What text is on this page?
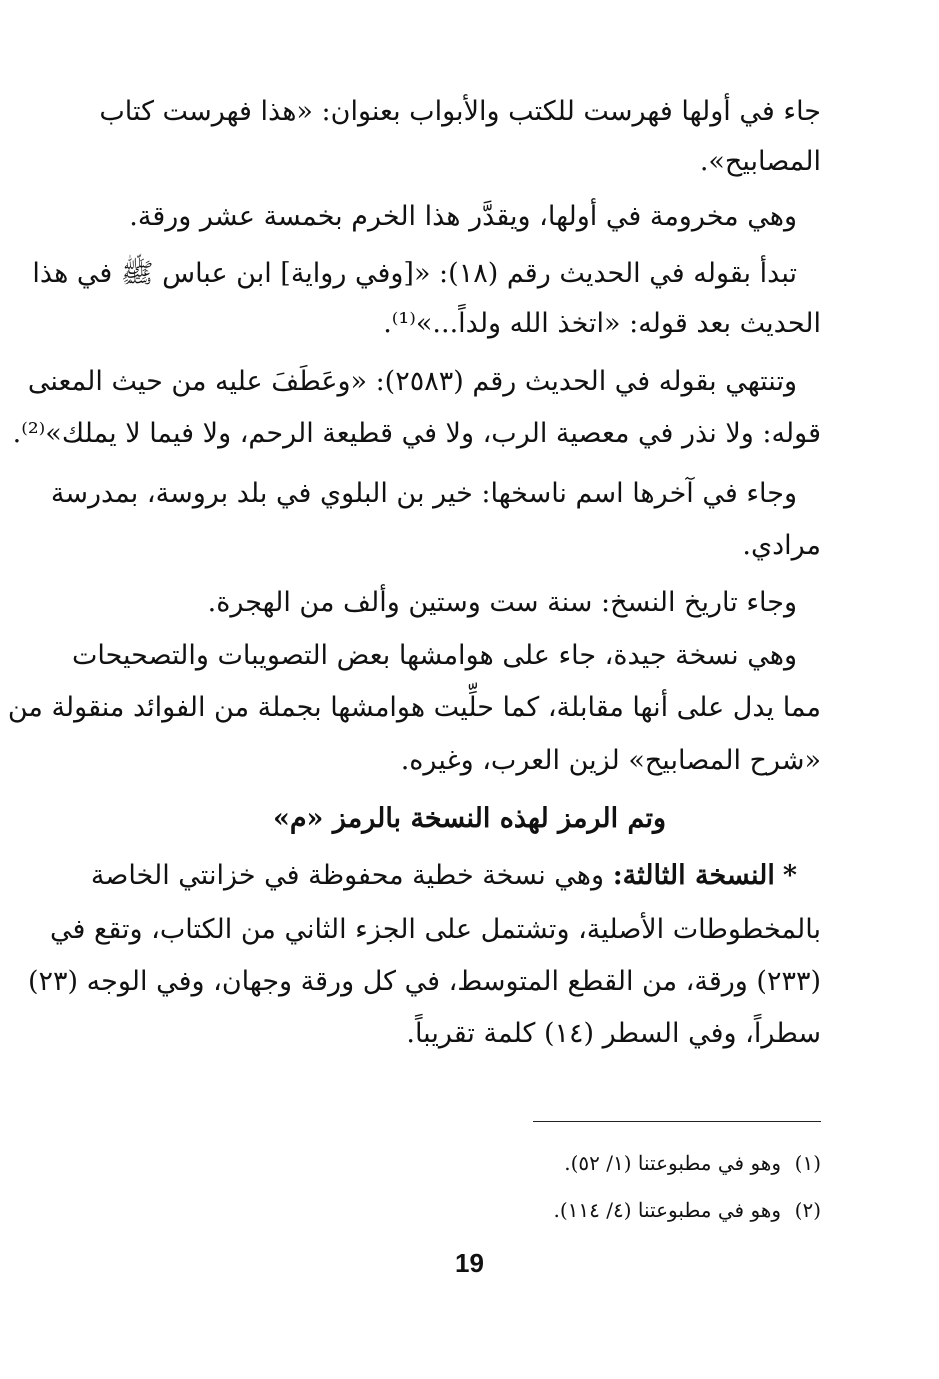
جاء في أولها فهرست للكتب والأبواب بعنوان: «هذا فهرست كتاب
المصابيح».
وهي مخرومة في أولها، ويقدَّر هذا الخرم بخمسة عشر ورقة.
تبدأ بقوله في الحديث رقم (١٨): «[وفي رواية] ابن عباس ﷺ في هذا
الحديث بعد قوله: «اتخذ الله ولداً...»⁽¹⁾.
وتنتهي بقوله في الحديث رقم (٢٥٨٣): «وعَطَفَ عليه من حيث المعنى
قوله: ولا نذر في معصية الرب، ولا في قطيعة الرحم، ولا فيما لا يملك»⁽²⁾.
وجاء في آخرها اسم ناسخها: خير بن البلوي في بلد بروسة، بمدرسة
مرادي.
وجاء تاريخ النسخ: سنة ست وستين وألف من الهجرة.
وهي نسخة جيدة، جاء على هوامشها بعض التصويبات والتصحيحات
مما يدل على أنها مقابلة، كما حلِّيت هوامشها بجملة من الفوائد منقولة من
«شرح المصابيح» لزين العرب، وغيره.
وتم الرمز لهذه النسخة بالرمز «م»
*النسخة الثالثة: وهي نسخة خطية محفوظة في خزانتي الخاصة
بالمخطوطات الأصلية، وتشتمل على الجزء الثاني من الكتاب، وتقع في
(٢٣٣) ورقة، من القطع المتوسط، في كل ورقة وجهان، وفي الوجه (٢٣)
سطراً، وفي السطر (١٤) كلمة تقريباً.
(١)وهو في مطبوعتنا (١/ ٥٢).
(٢)وهو في مطبوعتنا (٤/ ١١٤).
19
